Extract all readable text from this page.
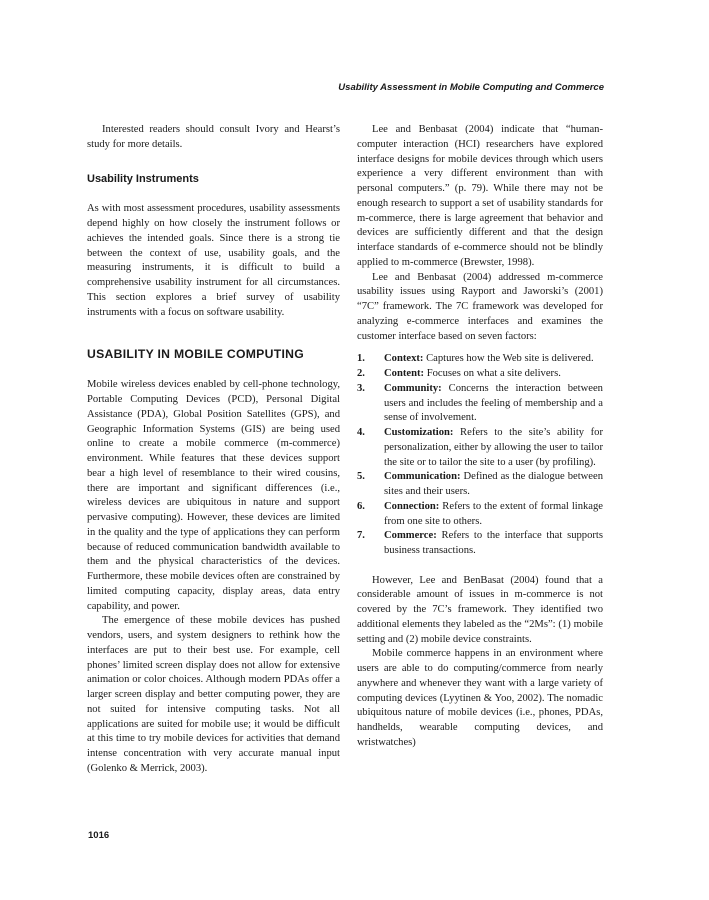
Usability Assessment in Mobile Computing and Commerce

Interested readers should consult Ivory and Hearst’s study for more details.

Usability Instruments

As with most assessment procedures, usability assessments depend highly on how closely the instrument follows or achieves the intended goals. Since there is a strong tie between the context of use, usability goals, and the measuring instruments, it is difficult to build a comprehensive usability instrument for all circumstances. This section explores a brief survey of usability instruments with a focus on software usability.

USABILITY IN MOBILE COMPUTING

Mobile wireless devices enabled by cell-phone technology, Portable Computing Devices (PCD), Personal Digital Assistance (PDA), Global Position Satellites (GPS), and Geographic Information Systems (GIS) are being used online to create a mobile commerce (m-commerce) environment. While features that these devices support bear a high level of resemblance to their wired cousins, there are important and significant differences (i.e., wireless devices are ubiquitous in nature and support pervasive computing). However, these devices are limited in the quality and the type of applications they can perform because of reduced communication bandwidth available to them and the physical characteristics of the devices. Furthermore, these mobile devices often are constrained by limited computing capacity, display areas, data entry capability, and power.

The emergence of these mobile devices has pushed vendors, users, and system designers to rethink how the interfaces are put to their best use. For example, cell phones’ limited screen display does not allow for extensive animation or color choices. Although modern PDAs offer a larger screen display and better computing power, they are not suited for intensive computing tasks. Not all applications are suited for mobile use; it would be difficult at this time to try mobile devices for activities that demand intense concentration with very accurate manual input (Golenko & Merrick, 2003).

Lee and Benbasat (2004) indicate that “human-computer interaction (HCI) researchers have explored interface designs for mobile devices through which users experience a very different environment than with personal computers.” (p. 79). While there may not be enough research to support a set of usability standards for m-commerce, there is large agreement that behavior and devices are sufficiently different and that the design interface standards of e-commerce should not be blindly applied to m-commerce (Brewster, 1998).

Lee and Benbasat (2004) addressed m-commerce usability issues using Rayport and Jaworski’s (2001) “7C” framework. The 7C framework was developed for analyzing e-commerce interfaces and examines the customer interface based on seven factors:

1. Context: Captures how the Web site is delivered.
2. Content: Focuses on what a site delivers.
3. Community: Concerns the interaction between users and includes the feeling of membership and a sense of involvement.
4. Customization: Refers to the site’s ability for personalization, either by allowing the user to tailor the site or to tailor the site to a user (by profiling).
5. Communication: Defined as the dialogue between sites and their users.
6. Connection: Refers to the extent of formal linkage from one site to others.
7. Commerce: Refers to the interface that supports business transactions.

However, Lee and BenBasat (2004) found that a considerable amount of issues in m-commerce is not covered by the 7C’s framework. They identified two additional elements they labeled as the “2Ms”: (1) mobile setting and (2) mobile device constraints.

Mobile commerce happens in an environment where users are able to do computing/commerce from nearly anywhere and whenever they want with a large variety of computing devices (Lyytinen & Yoo, 2002). The nomadic ubiquitous nature of mobile devices (i.e., phones, PDAs, handhelds, wearable computing devices, and wristwatches)

1016
